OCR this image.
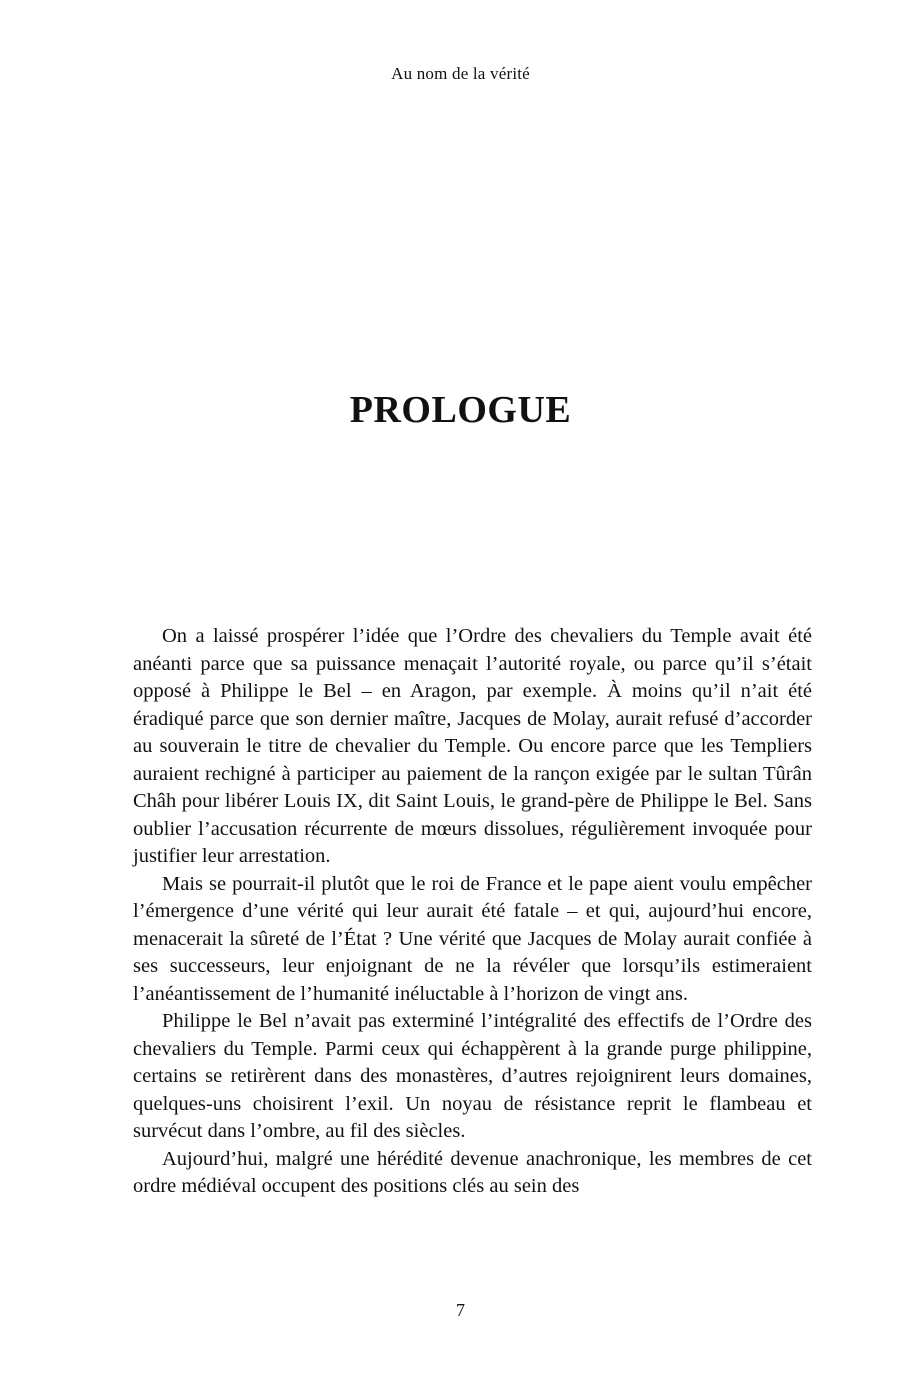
Au nom de la vérité
PROLOGUE

On a laissé prospérer l’idée que l’Ordre des chevaliers du Temple avait été anéanti parce que sa puissance menaçait l’autorité royale, ou parce qu’il s’était opposé à Philippe le Bel – en Aragon, par exemple. À moins qu’il n’ait été éradiqué parce que son dernier maître, Jacques de Molay, aurait refusé d’accorder au souverain le titre de chevalier du Temple. Ou encore parce que les Templiers auraient rechigné à participer au paiement de la rançon exigée par le sultan Tûrân Châh pour libérer Louis IX, dit Saint Louis, le grand-père de Philippe le Bel. Sans oublier l’accusation récurrente de mœurs dissolues, régulièrement invoquée pour justifier leur arrestation.

Mais se pourrait-il plutôt que le roi de France et le pape aient voulu empêcher l’émergence d’une vérité qui leur aurait été fatale – et qui, aujourd’hui encore, menacerait la sûreté de l’État ? Une vérité que Jacques de Molay aurait confiée à ses successeurs, leur enjoignant de ne la révéler que lorsqu’ils estimeraient l’anéantissement de l’humanité inéluctable à l’horizon de vingt ans.

Philippe le Bel n’avait pas exterminé l’intégralité des effectifs de l’Ordre des chevaliers du Temple. Parmi ceux qui échappèrent à la grande purge philippine, certains se retirèrent dans des monastères, d’autres rejoignirent leurs domaines, quelques-uns choisirent l’exil. Un noyau de résistance reprit le flambeau et survécut dans l’ombre, au fil des siècles.

Aujourd’hui, malgré une hérédité devenue anachronique, les membres de cet ordre médiéval occupent des positions clés au sein des

7
